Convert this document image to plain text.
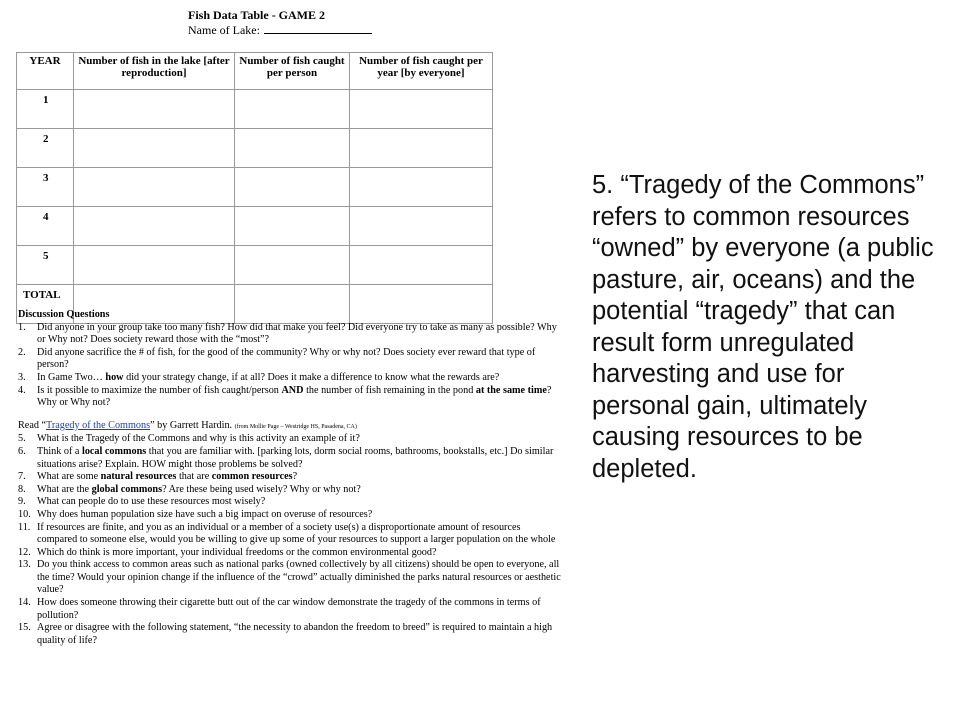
Fish Data Table - GAME 2
Name of Lake:
YEAR	Number of fish in the lake [after reproduction]	Number of fish caught per person	Number of fish caught per year [by everyone]
1			
2			
3			
4			
5			
TOTAL			
Discussion Questions
1.	Did anyone in your group take too many fish? How did that make you feel? Did everyone try to take as many as possible? Why or Why not? Does society reward those with the “most”?
2.	Did anyone sacrifice the # of fish, for the good of the community? Why or why not? Does society ever reward that type of person?
3.	In Game Two… how did your strategy change, if at all? Does it make a difference to know what the rewards are?
4.	Is it possible to maximize the number of fish caught/person AND the number of fish remaining in the pond at the same time? Why or Why not?
Read “Tragedy of the Commons” by Garrett Hardin. (from Mollie Page – Westridge HS, Pasadena, CA)
5.	What is the Tragedy of the Commons and why is this activity an example of it?
6.	Think of a local commons that you are familiar with. [parking lots, dorm social rooms, bathrooms, bookstalls, etc.] Do similar situations arise? Explain. HOW might those problems be solved?
7.	What are some natural resources that are common resources?
8.	What are the global commons? Are these being used wisely? Why or why not?
9.	What can people do to use these resources most wisely?
10. Why does human population size have such a big impact on overuse of resources?
11. If resources are finite, and you as an individual or a member of a society use(s) a disproportionate amount of resources compared to someone else, would you be willing to give up some of your resources to support a larger population on the whole
12. Which do think is more important, your individual freedoms or the common environmental good?
13. Do you think access to common areas such as national parks (owned collectively by all citizens) should be open to everyone, all the time? Would your opinion change if the influence of the “crowd” actually diminished the parks natural resources or aesthetic value?
14. How does someone throwing their cigarette butt out of the car window demonstrate the tragedy of the commons in terms of pollution?
15. Agree or disagree with the following statement, “the necessity to abandon the freedom to breed” is required to maintain a high quality of life?
5. “Tragedy of the Commons” refers to common resources “owned” by everyone (a public pasture, air, oceans) and the potential “tragedy” that can result form unregulated harvesting and use for personal gain, ultimately causing resources to be depleted.
